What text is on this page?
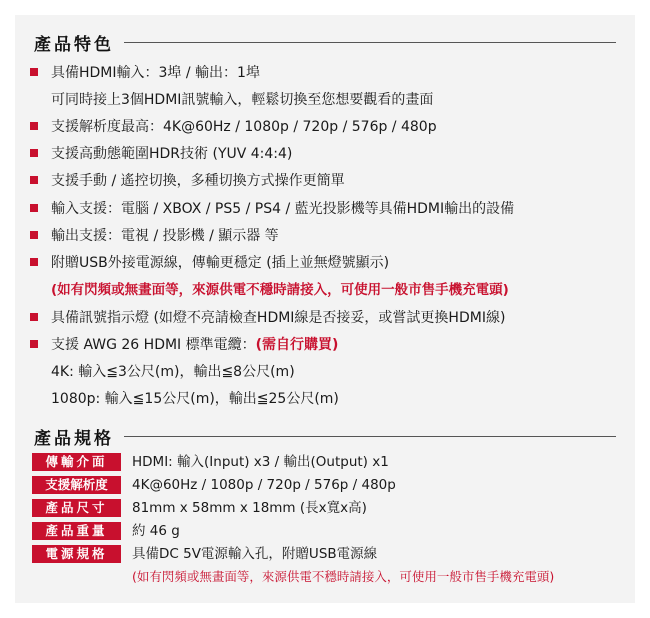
產品特色
具備HDMI輸入：3埠 / 輸出：1埠
可同時接上3個HDMI訊號輸入，輕鬆切換至您想要觀看的畫面
支援解析度最高：4K@60Hz / 1080p / 720p / 576p / 480p
支援高動態範圍HDR技術 (YUV 4:4:4)
支援手動 / 遙控切換，多種切換方式操作更簡單
輸入支援：電腦 / XBOX / PS5 / PS4 / 藍光投影機等具備HDMI輸出的設備
輸出支援：電視 / 投影機 / 顯示器 等
附贈USB外接電源線，傳輸更穩定 (插上並無燈號顯示)
(如有閃頻或無畫面等，來源供電不穩時請接入，可使用一般市售手機充電頭)
具備訊號指示燈 (如燈不亮請檢查HDMI線是否接妥，或嘗試更換HDMI線)
支援 AWG 26 HDMI 標準電纜：(需自行購買)
4K: 輸入≦3公尺(m)，輸出≦8公尺(m)
1080p: 輸入≦15公尺(m)，輸出≦25公尺(m)
產品規格
傳輸介面	HDMI: 輸入(Input) x3 / 輸出(Output) x1
支援解析度	4K@60Hz / 1080p / 720p / 576p / 480p
產品尺寸	81mm x 58mm x 18mm (長x寬x高)
產品重量	約 46 g
電源規格	具備DC 5V電源輸入孔，附贈USB電源線
(如有閃頻或無畫面等，來源供電不穩時請接入，可使用一般市售手機充電頭)
